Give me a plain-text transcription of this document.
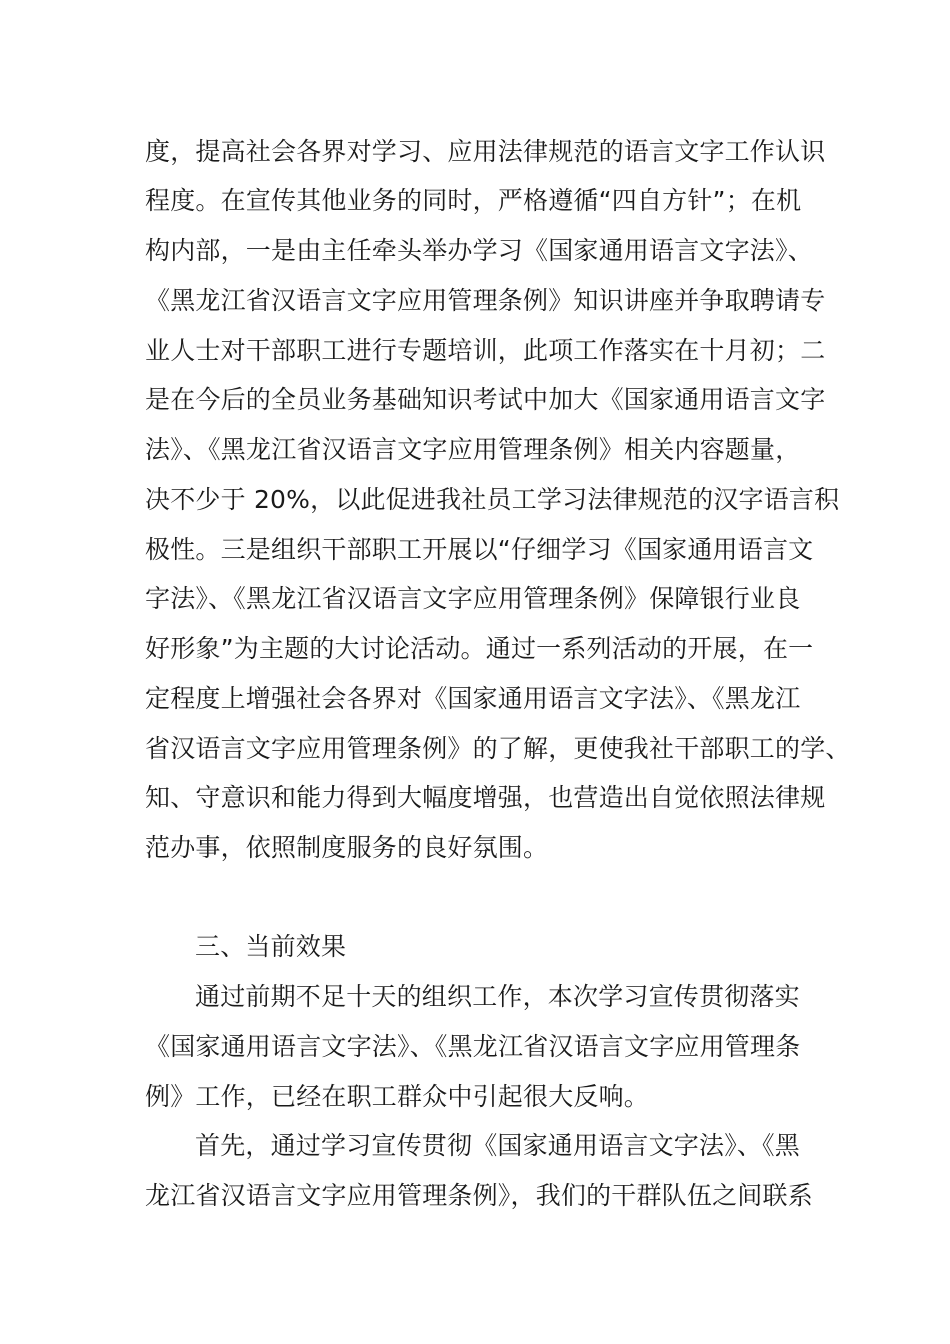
度，提高社会各界对学习、应用法律规范的语言文字工作认识
程度。在宣传其他业务的同时，严格遵循“四自方针”；在机
构内部，一是由主任牵头举办学习《国家通用语言文字法》、
《黑龙江省汉语言文字应用管理条例》知识讲座并争取聘请专
业人士对干部职工进行专题培训，此项工作落实在十月初；二
是在今后的全员业务基础知识考试中加大《国家通用语言文字
法》、《黑龙江省汉语言文字应用管理条例》相关内容题量，
决不少于 20%，以此促进我社员工学习法律规范的汉字语言积
极性。三是组织干部职工开展以“仔细学习《国家通用语言文
字法》、《黑龙江省汉语言文字应用管理条例》保障银行业良
好形象”为主题的大讨论活动。通过一系列活动的开展，在一
定程度上增强社会各界对《国家通用语言文字法》、《黑龙江
省汉语言文字应用管理条例》的了解，更使我社干部职工的学、
知、守意识和能力得到大幅度增强，也营造出自觉依照法律规
范办事，依照制度服务的良好氛围。
三、当前效果
通过前期不足十天的组织工作，本次学习宣传贯彻落实
《国家通用语言文字法》、《黑龙江省汉语言文字应用管理条
例》工作，已经在职工群众中引起很大反响。
首先，通过学习宣传贯彻《国家通用语言文字法》、《黑
龙江省汉语言文字应用管理条例》，我们的干群队伍之间联系
